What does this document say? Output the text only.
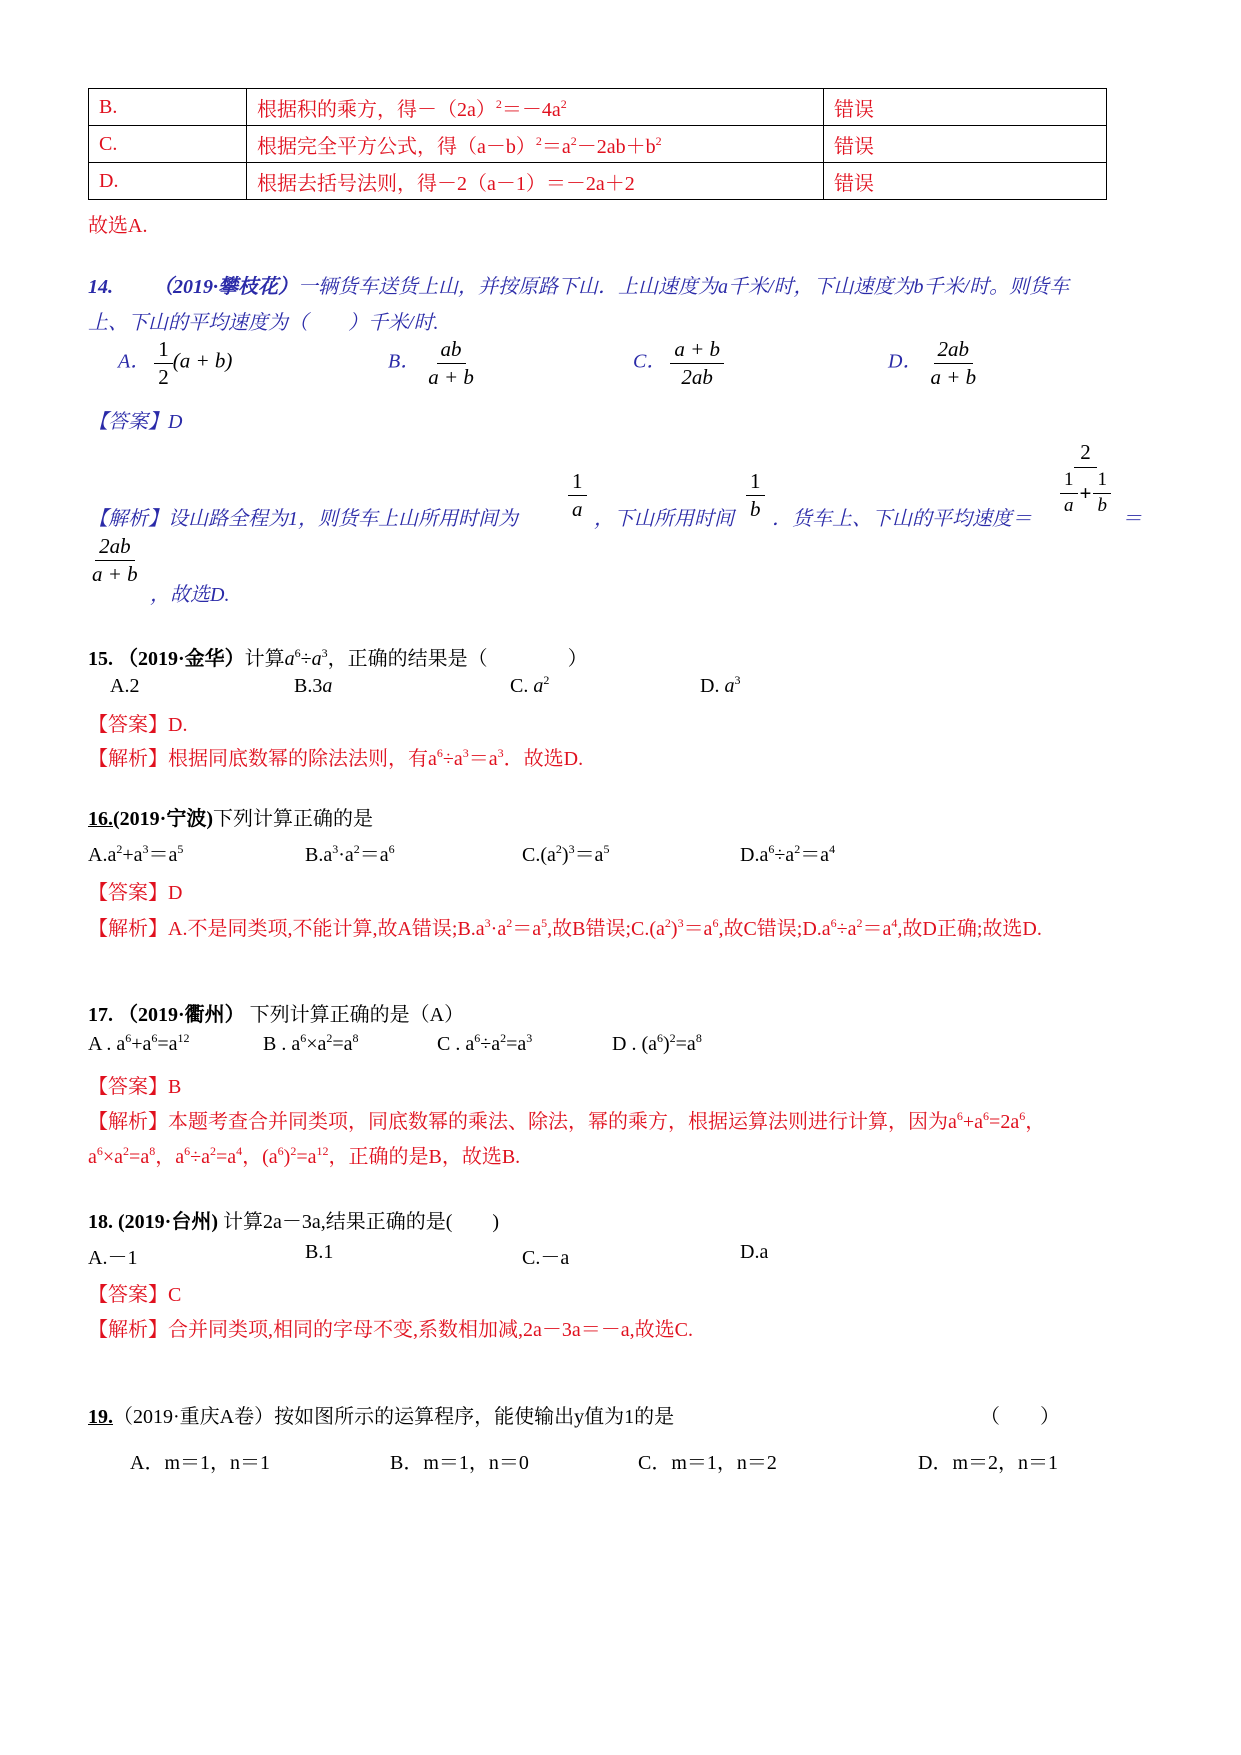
B.	根据积的乘方，得$-(2a)^2=-4a^2$	错误
C.	根据完全平方公式，得$(a-b)^2=a^2-2ab+b^2$	错误
D.	根据去括号法则，得－2（a－1）＝－2a＋2	错误
故选A.
14. （2019·攀枝花）一辆货车送货上山，并按原路下山．上山速度为a千米/时，下山速度为b千米/时。则货车
上、下山的平均速度为（　　）千米/时.
A． $\frac{1}{2} (a + b)$	B． $\frac{ab}{a + b}$	C． $\frac{a + b}{2ab}$	D． $\frac{2ab}{a + b}$
【答案】D
【解析】设山路全程为1，则货车上山所用时间为 $\frac{1}{a}$ ，下山所用时间 $\frac{1}{b}$ ．货车上、下山的平均速度＝
2
$\frac{1}{a} + \frac{1}{b}$
＝
$\frac{2ab}{a + b}$
，故选D.
15. （2019·金华）计算$a^6\div a^3$，正确的结果是（　　　　）
A.2	B.3a	C. $a^2$	D. $a^3$
【答案】D.
【解析】根据同底数幂的除法法则，有$a^6\div a^3=a^3$．故选D.
16.(2019·宁波)下列计算正确的是
$A.a^2+a^3=a^5$	$B.a^3\cdot a^2=a^6$	$C.(a^2)^3=a^5$	$D.a^6\div a^2=a^4$
【答案】D
【解析】A.不是同类项,不能计算,故A错误$;B.a^3\cdot a^2=a^5$,故B错误$;C.(a^2)^3=a^6$,故C错误$;D.a^6\div a^2=a^4$,故D正确;故选D.
17. （2019·衢州） 下列计算正确的是（A）
A . $a^6+a^6=a^{12}$	B . $a^6\times a^2=a^8$	C . $a^6\div a^2=a^3$	D . $(a^6)^2=a^8$
【答案】B
【解析】本题考查合并同类项，同底数幂的乘法、除法，幂的乘方，根据运算法则进行计算，因为$a^6+a^6=2a^6$，
$a^6\times a^2=a^8$，$a^6\div a^2=a^4$，$(a^6)^2=a^{12}$，正确的是B，故选B.
18. (2019·台州) 计算2a－3a,结果正确的是(　　)
A.－1	B.1	C.－a	D.a
【答案】C
【解析】合并同类项,相同的字母不变,系数相加减,2a－3a＝－a,故选C.
19.（2019·重庆A卷）按如图所示的运算程序，能使输出y值为1的是	（　　）
A．m＝1，n＝1	B．m＝1，n＝0	C．m＝1，n＝2	D．m＝2，n＝1
